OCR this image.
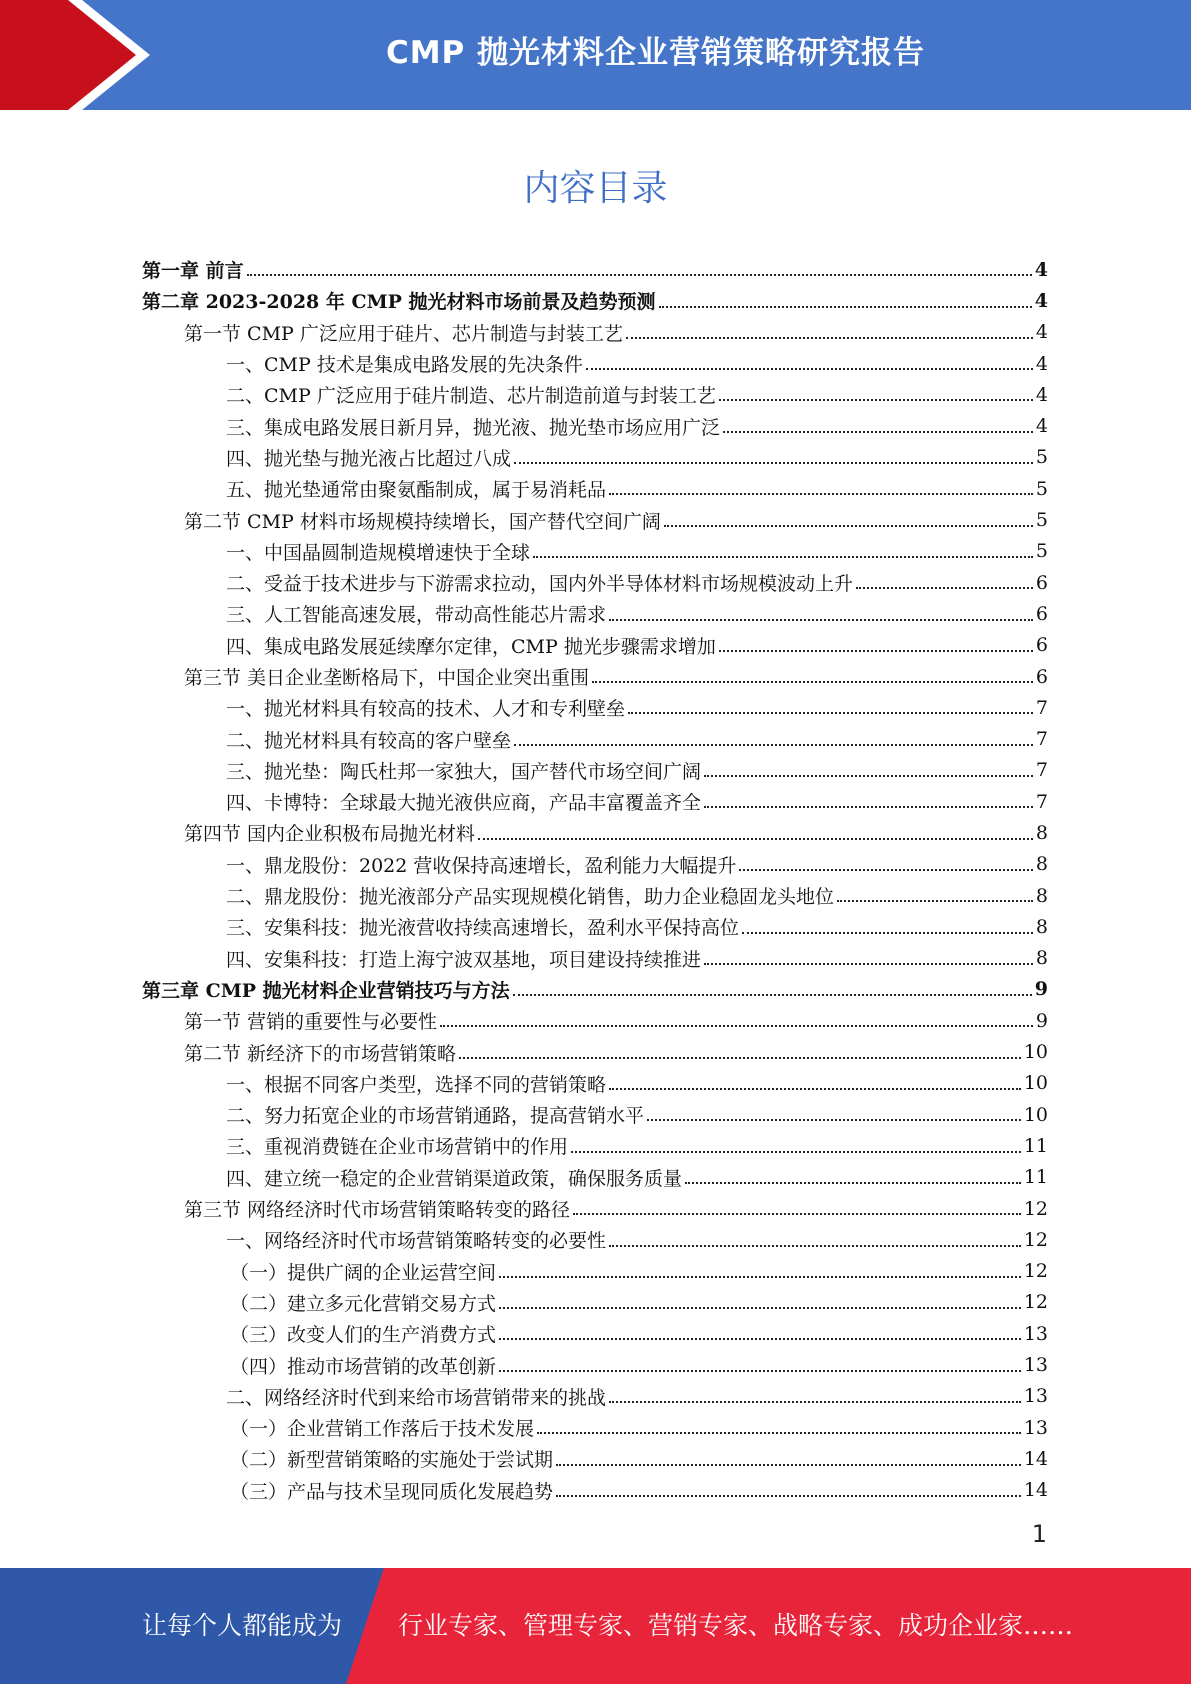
CMP 抛光材料企业营销策略研究报告
内容目录
第一章 前言	4
第二章 2023-2028 年 CMP 抛光材料市场前景及趋势预测	4
第一节 CMP 广泛应用于硅片、芯片制造与封装工艺	4
一、CMP 技术是集成电路发展的先决条件	4
二、CMP 广泛应用于硅片制造、芯片制造前道与封装工艺	4
三、集成电路发展日新月异，抛光液、抛光垫市场应用广泛	4
四、抛光垫与抛光液占比超过八成	5
五、抛光垫通常由聚氨酯制成，属于易消耗品	5
第二节 CMP 材料市场规模持续增长，国产替代空间广阔	5
一、中国晶圆制造规模增速快于全球	5
二、受益于技术进步与下游需求拉动，国内外半导体材料市场规模波动上升	6
三、人工智能高速发展，带动高性能芯片需求	6
四、集成电路发展延续摩尔定律，CMP 抛光步骤需求增加	6
第三节 美日企业垄断格局下，中国企业突出重围	6
一、抛光材料具有较高的技术、人才和专利壁垒	7
二、抛光材料具有较高的客户壁垒	7
三、抛光垫：陶氏杜邦一家独大，国产替代市场空间广阔	7
四、卡博特：全球最大抛光液供应商，产品丰富覆盖齐全	7
第四节 国内企业积极布局抛光材料	8
一、鼎龙股份：2022 营收保持高速增长，盈利能力大幅提升	8
二、鼎龙股份：抛光液部分产品实现规模化销售，助力企业稳固龙头地位	8
三、安集科技：抛光液营收持续高速增长，盈利水平保持高位	8
四、安集科技：打造上海宁波双基地，项目建设持续推进	8
第三章 CMP 抛光材料企业营销技巧与方法	9
第一节 营销的重要性与必要性	9
第二节 新经济下的市场营销策略	10
一、根据不同客户类型，选择不同的营销策略	10
二、努力拓宽企业的市场营销通路，提高营销水平	10
三、重视消费链在企业市场营销中的作用	11
四、建立统一稳定的企业营销渠道政策，确保服务质量	11
第三节 网络经济时代市场营销策略转变的路径	12
一、网络经济时代市场营销策略转变的必要性	12
（一）提供广阔的企业运营空间	12
（二）建立多元化营销交易方式	12
（三）改变人们的生产消费方式	13
（四）推动市场营销的改革创新	13
二、网络经济时代到来给市场营销带来的挑战	13
（一）企业营销工作落后于技术发展	13
（二）新型营销策略的实施处于尝试期	14
（三）产品与技术呈现同质化发展趋势	14
1
让每个人都能成为 行业专家、管理专家、营销专家、战略专家、成功企业家……
